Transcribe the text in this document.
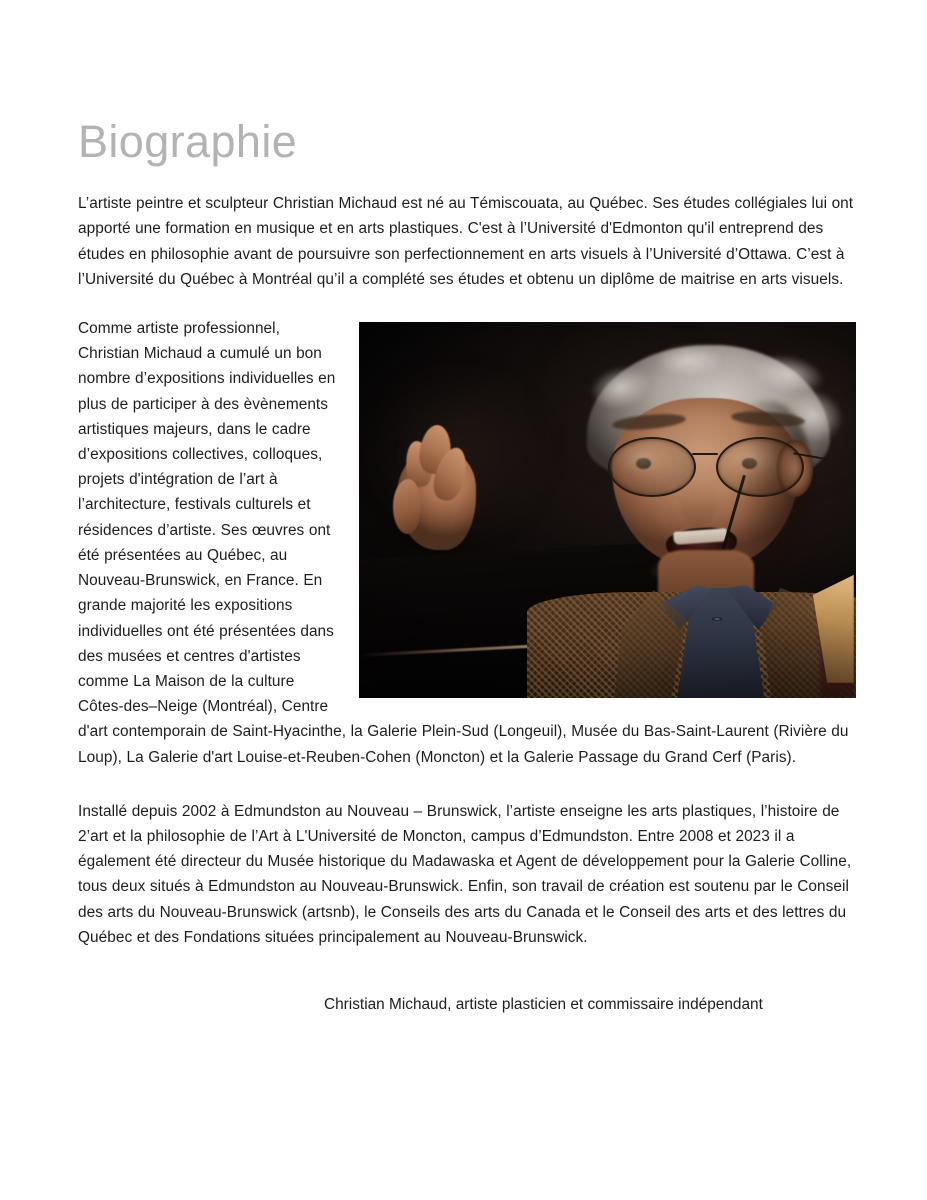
Biographie

L’artiste peintre et sculpteur Christian Michaud est né au Témiscouata, au Québec. Ses études collégiales lui ont apporté une formation en musique et en arts plastiques. C'est à l’Université d'Edmonton qu'il entreprend des études en philosophie avant de poursuivre son perfectionnement en arts visuels à l’Université d’Ottawa. C’est à l’Université du Québec à Montréal qu’il a complété ses études et obtenu un diplôme de maitrise en arts visuels.

Comme artiste professionnel, Christian Michaud a cumulé un bon nombre d’expositions individuelles en plus de participer à des èvènements artistiques majeurs, dans le cadre d’expositions collectives, colloques, projets d'intégration de l’art à l’architecture, festivals culturels et résidences d’artiste. Ses œuvres ont été présentées au Québec, au Nouveau-Brunswick, en France. En grande majorité les expositions individuelles ont été présentées dans des musées et centres d'artistes comme La Maison de la culture Côtes-des–Neige (Montréal), Centre d'art contemporain de Saint-Hyacinthe, la Galerie Plein-Sud (Longeuil), Musée du Bas-Saint-Laurent (Rivière du Loup), La Galerie d'art Louise-et-Reuben-Cohen (Moncton) et la Galerie Passage du Grand Cerf (Paris).

Installé depuis 2002 à Edmundston au Nouveau – Brunswick, l’artiste enseigne les arts plastiques, l’histoire de 2’art et la philosophie de l’Art à L'Université de Moncton, campus d’Edmundston. Entre 2008 et 2023 il a également été directeur du Musée historique du Madawaska et Agent de développement pour la Galerie Colline, tous deux situés à Edmundston au Nouveau-Brunswick. Enfin, son travail de création est soutenu par le Conseil des arts du Nouveau-Brunswick (artsnb), le Conseils des arts du Canada et le Conseil des arts et des lettres du Québec et des Fondations situées principalement au Nouveau-Brunswick.

Christian Michaud, artiste plasticien et commissaire indépendant
